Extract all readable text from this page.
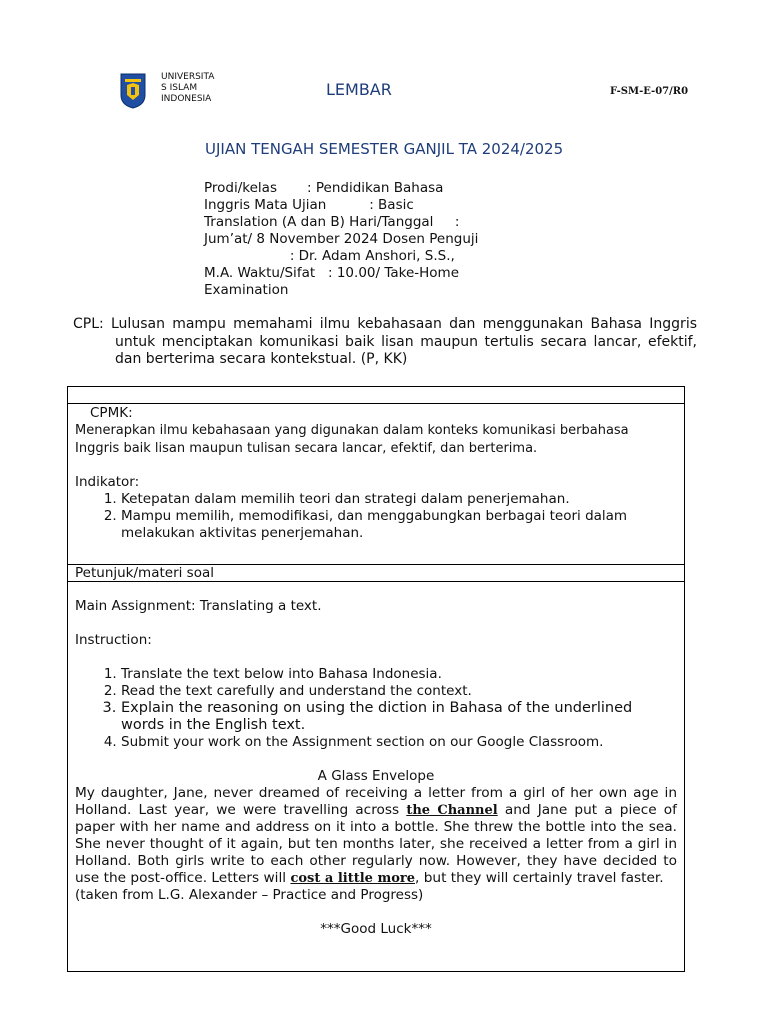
UNIVERSITA
S ISLAM
INDONESIA	LEMBAR	F-SM-E-07/R0
UJIAN TENGAH SEMESTER GANJIL TA 2024/2025
Prodi/kelas       : Pendidikan Bahasa
Inggris Mata Ujian          : Basic
Translation (A dan B) Hari/Tanggal     :
Jum’at/ 8 November 2024 Dosen Penguji
: Dr. Adam Anshori, S.S.,
M.A. Waktu/Sifat   : 10.00/ Take-Home
Examination
CPL: Lulusan mampu memahami ilmu kebahasaan dan menggunakan Bahasa Inggris untuk menciptakan komunikasi baik lisan maupun tertulis secara lancar, efektif, dan berterima secara kontekstual. (P, KK)
CPMK:
Menerapkan ilmu kebahasaan yang digunakan dalam konteks komunikasi berbahasa Inggris baik lisan maupun tulisan secara lancar, efektif, dan berterima.
Indikator:
1. Ketepatan dalam memilih teori dan strategi dalam penerjemahan.
2. Mampu memilih, memodifikasi, dan menggabungkan berbagai teori dalam melakukan aktivitas penerjemahan.
Petunjuk/materi soal
Main Assignment: Translating a text.
Instruction:
1. Translate the text below into Bahasa Indonesia.
2. Read the text carefully and understand the context.
3. Explain the reasoning on using the diction in Bahasa of the underlined words in the English text.
4. Submit your work on the Assignment section on our Google Classroom.
A Glass Envelope
My daughter, Jane, never dreamed of receiving a letter from a girl of her own age in Holland. Last year, we were travelling across the Channel and Jane put a piece of paper with her name and address on it into a bottle. She threw the bottle into the sea. She never thought of it again, but ten months later, she received a letter from a girl in Holland. Both girls write to each other regularly now. However, they have decided to use the post-office. Letters will cost a little more, but they will certainly travel faster.
(taken from L.G. Alexander – Practice and Progress)
***Good Luck***
